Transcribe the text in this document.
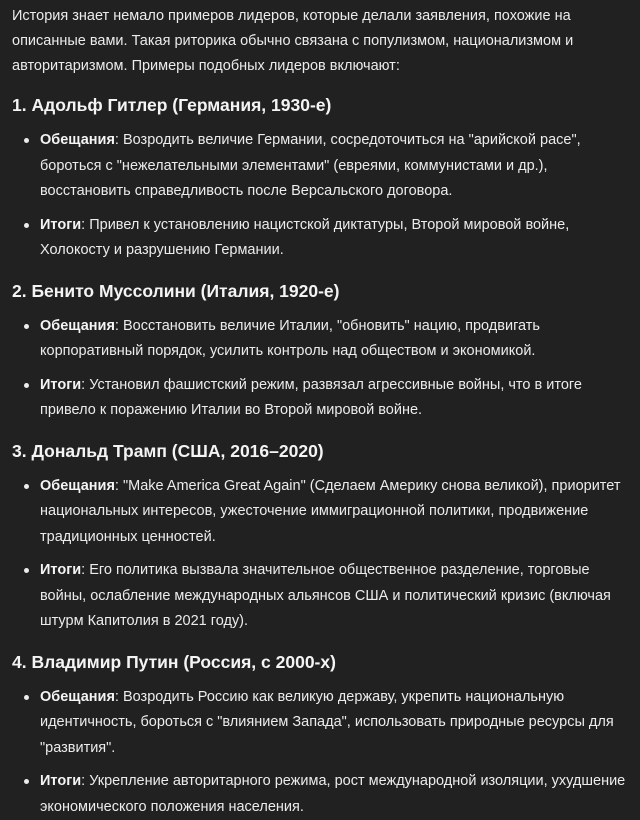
История знает немало примеров лидеров, которые делали заявления, похожие на описанные вами. Такая риторика обычно связана с популизмом, национализмом и авторитаризмом. Примеры подобных лидеров включают:

1. Адольф Гитлер (Германия, 1930-е)
Обещания: Возродить величие Германии, сосредоточиться на "арийской расе", бороться с "нежелательными элементами" (евреями, коммунистами и др.), восстановить справедливость после Версальского договора.
Итоги: Привел к установлению нацистской диктатуры, Второй мировой войне, Холокосту и разрушению Германии.
2. Бенито Муссолини (Италия, 1920-е)
Обещания: Восстановить величие Италии, "обновить" нацию, продвигать корпоративный порядок, усилить контроль над обществом и экономикой.
Итоги: Установил фашистский режим, развязал агрессивные войны, что в итоге привело к поражению Италии во Второй мировой войне.
3. Дональд Трамп (США, 2016–2020)
Обещания: "Make America Great Again" (Сделаем Америку снова великой), приоритет национальных интересов, ужесточение иммиграционной политики, продвижение традиционных ценностей.
Итоги: Его политика вызвала значительное общественное разделение, торговые войны, ослабление международных альянсов США и политический кризис (включая штурм Капитолия в 2021 году).
4. Владимир Путин (Россия, с 2000-х)
Обещания: Возродить Россию как великую державу, укрепить национальную идентичность, бороться с "влиянием Запада", использовать природные ресурсы для "развития".
Итоги: Укрепление авторитарного режима, рост международной изоляции, ухудшение экономического положения населения.
